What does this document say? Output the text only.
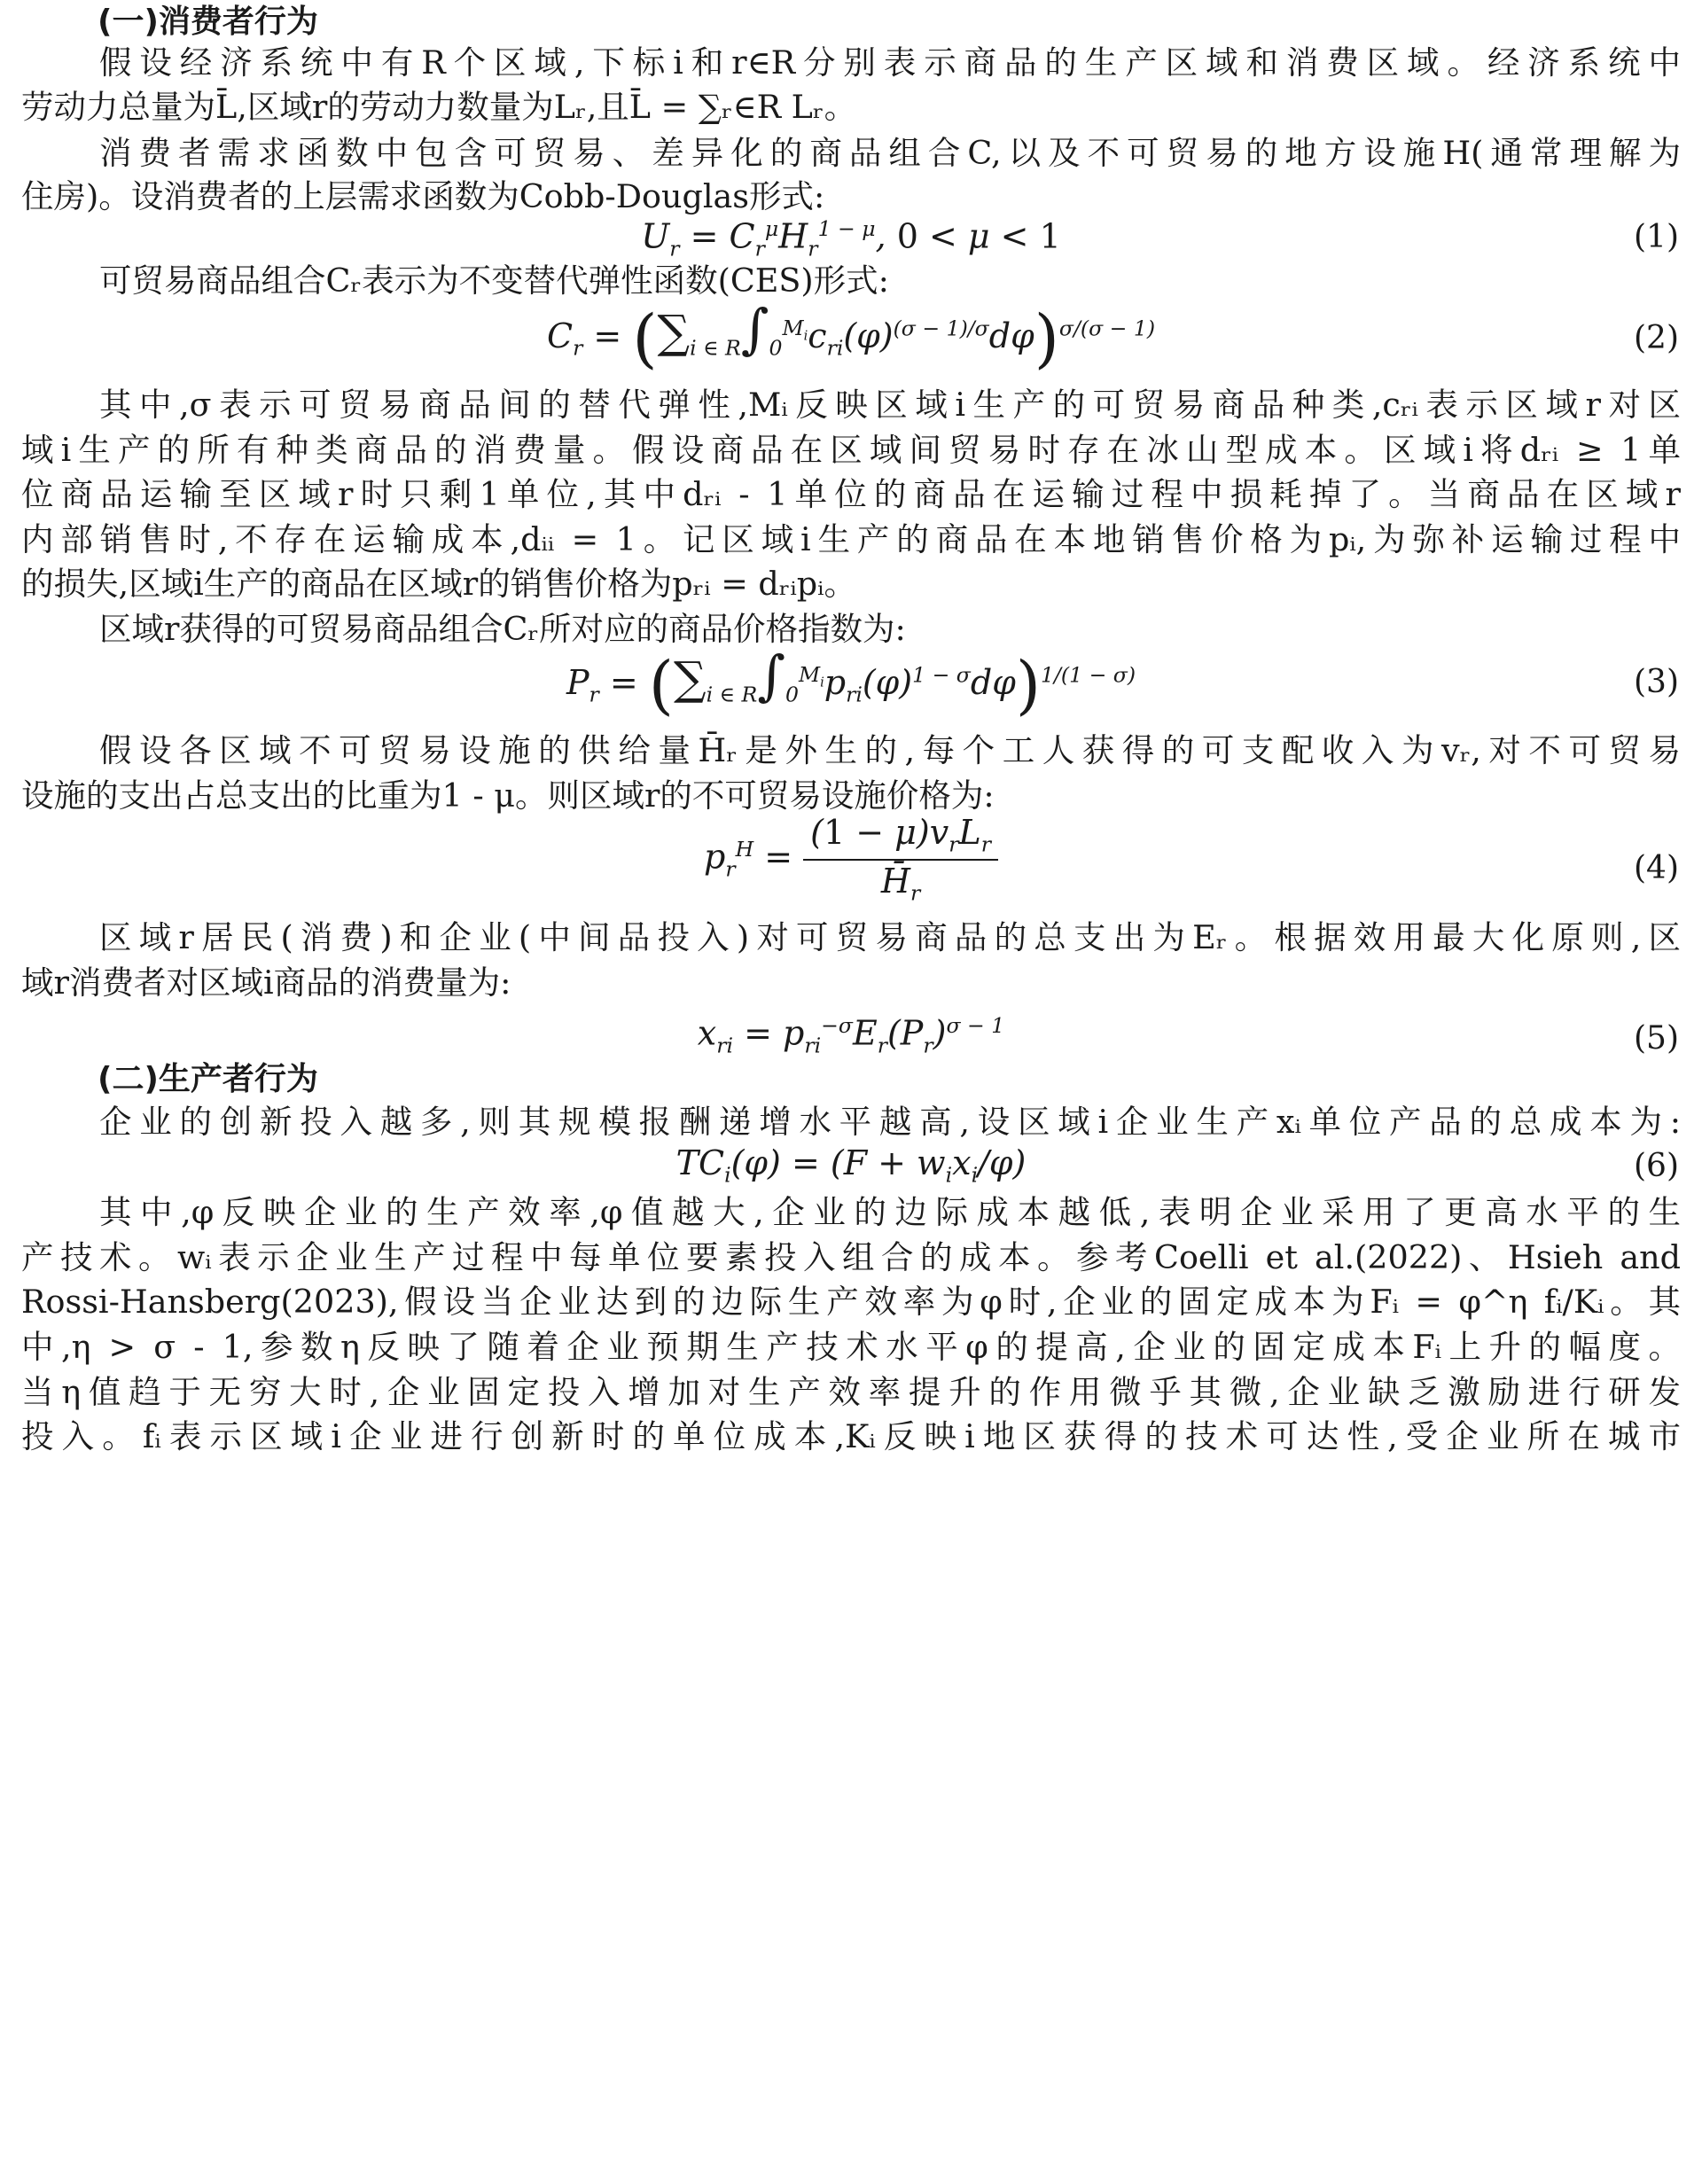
(一)消费者行为
假设经济系统中有R个区域,下标i和r∈R分别表示商品的生产区域和消费区域。经济系统中
劳动力总量为L̄,区域r的劳动力数量为Lᵣ,且L̄ = ∑ᵣ∈R Lᵣ。
消费者需求函数中包含可贸易、差异化的商品组合C,以及不可贸易的地方设施H(通常理解为
住房)。设消费者的上层需求函数为Cobb-Douglas形式:
$U_r = C_r^\mu H_r^{1 - \mu}$, 0 < μ < 1	(1)
可贸易商品组合Cᵣ表示为不变替代弹性函数(CES)形式:
$C_r = (\sum_{i \in R}\int_0^{M_i}c_{ri}(\varphi)^{(\sigma - 1)/\sigma}d\varphi)^{\sigma/(\sigma - 1)}$	(2)
其中,σ表示可贸易商品间的替代弹性,Mᵢ反映区域i生产的可贸易商品种类,cᵣᵢ表示区域r对区
域i生产的所有种类商品的消费量。假设商品在区域间贸易时存在冰山型成本。区域i将dᵣᵢ ≥ 1单
位商品运输至区域r时只剩1单位,其中dᵣᵢ - 1单位的商品在运输过程中损耗掉了。当商品在区域r
内部销售时,不存在运输成本,dᵢᵢ = 1。记区域i生产的商品在本地销售价格为pᵢ,为弥补运输过程中
的损失,区域i生产的商品在区域r的销售价格为pᵣᵢ = dᵣᵢpᵢ。
区域r获得的可贸易商品组合Cᵣ所对应的商品价格指数为:
$P_r = (\sum_{i \in R}\int_0^{M_i}p_{ri}(\varphi)^{1 - \sigma}d\varphi)^{1/(1 - \sigma)}$	(3)
假设各区域不可贸易设施的供给量H̄ᵣ是外生的,每个工人获得的可支配收入为vᵣ,对不可贸易
设施的支出占总支出的比重为1 - μ。则区域r的不可贸易设施价格为:
$p_r^H = \frac{(1 - \mu)v_rL_r}{H̄_r}$	(4)
区域r居民(消费)和企业(中间品投入)对可贸易商品的总支出为Eᵣ。根据效用最大化原则,区
域r消费者对区域i商品的消费量为:
$x_{ri} = p_{ri}^{-\sigma}E_r(P_r)^{\sigma - 1}$	(5)
(二)生产者行为
企业的创新投入越多,则其规模报酬递增水平越高,设区域i企业生产xᵢ单位产品的总成本为:
$TC_i(\varphi) = (F + w_ix_i/\varphi)$	(6)
其中,φ反映企业的生产效率,φ值越大,企业的边际成本越低,表明企业采用了更高水平的生
产技术。wᵢ表示企业生产过程中每单位要素投入组合的成本。参考Coelli et al.(2022)、Hsieh and
Rossi-Hansberg(2023),假设当企业达到的边际生产效率为φ时,企业的固定成本为Fᵢ = φ^η fᵢ/Kᵢ。其
中,η > σ - 1,参数η反映了随着企业预期生产技术水平φ的提高,企业的固定成本Fᵢ上升的幅度。
当η值趋于无穷大时,企业固定投入增加对生产效率提升的作用微乎其微,企业缺乏激励进行研发
投入。fᵢ表示区域i企业进行创新时的单位成本,Kᵢ反映i地区获得的技术可达性,受企业所在城市
